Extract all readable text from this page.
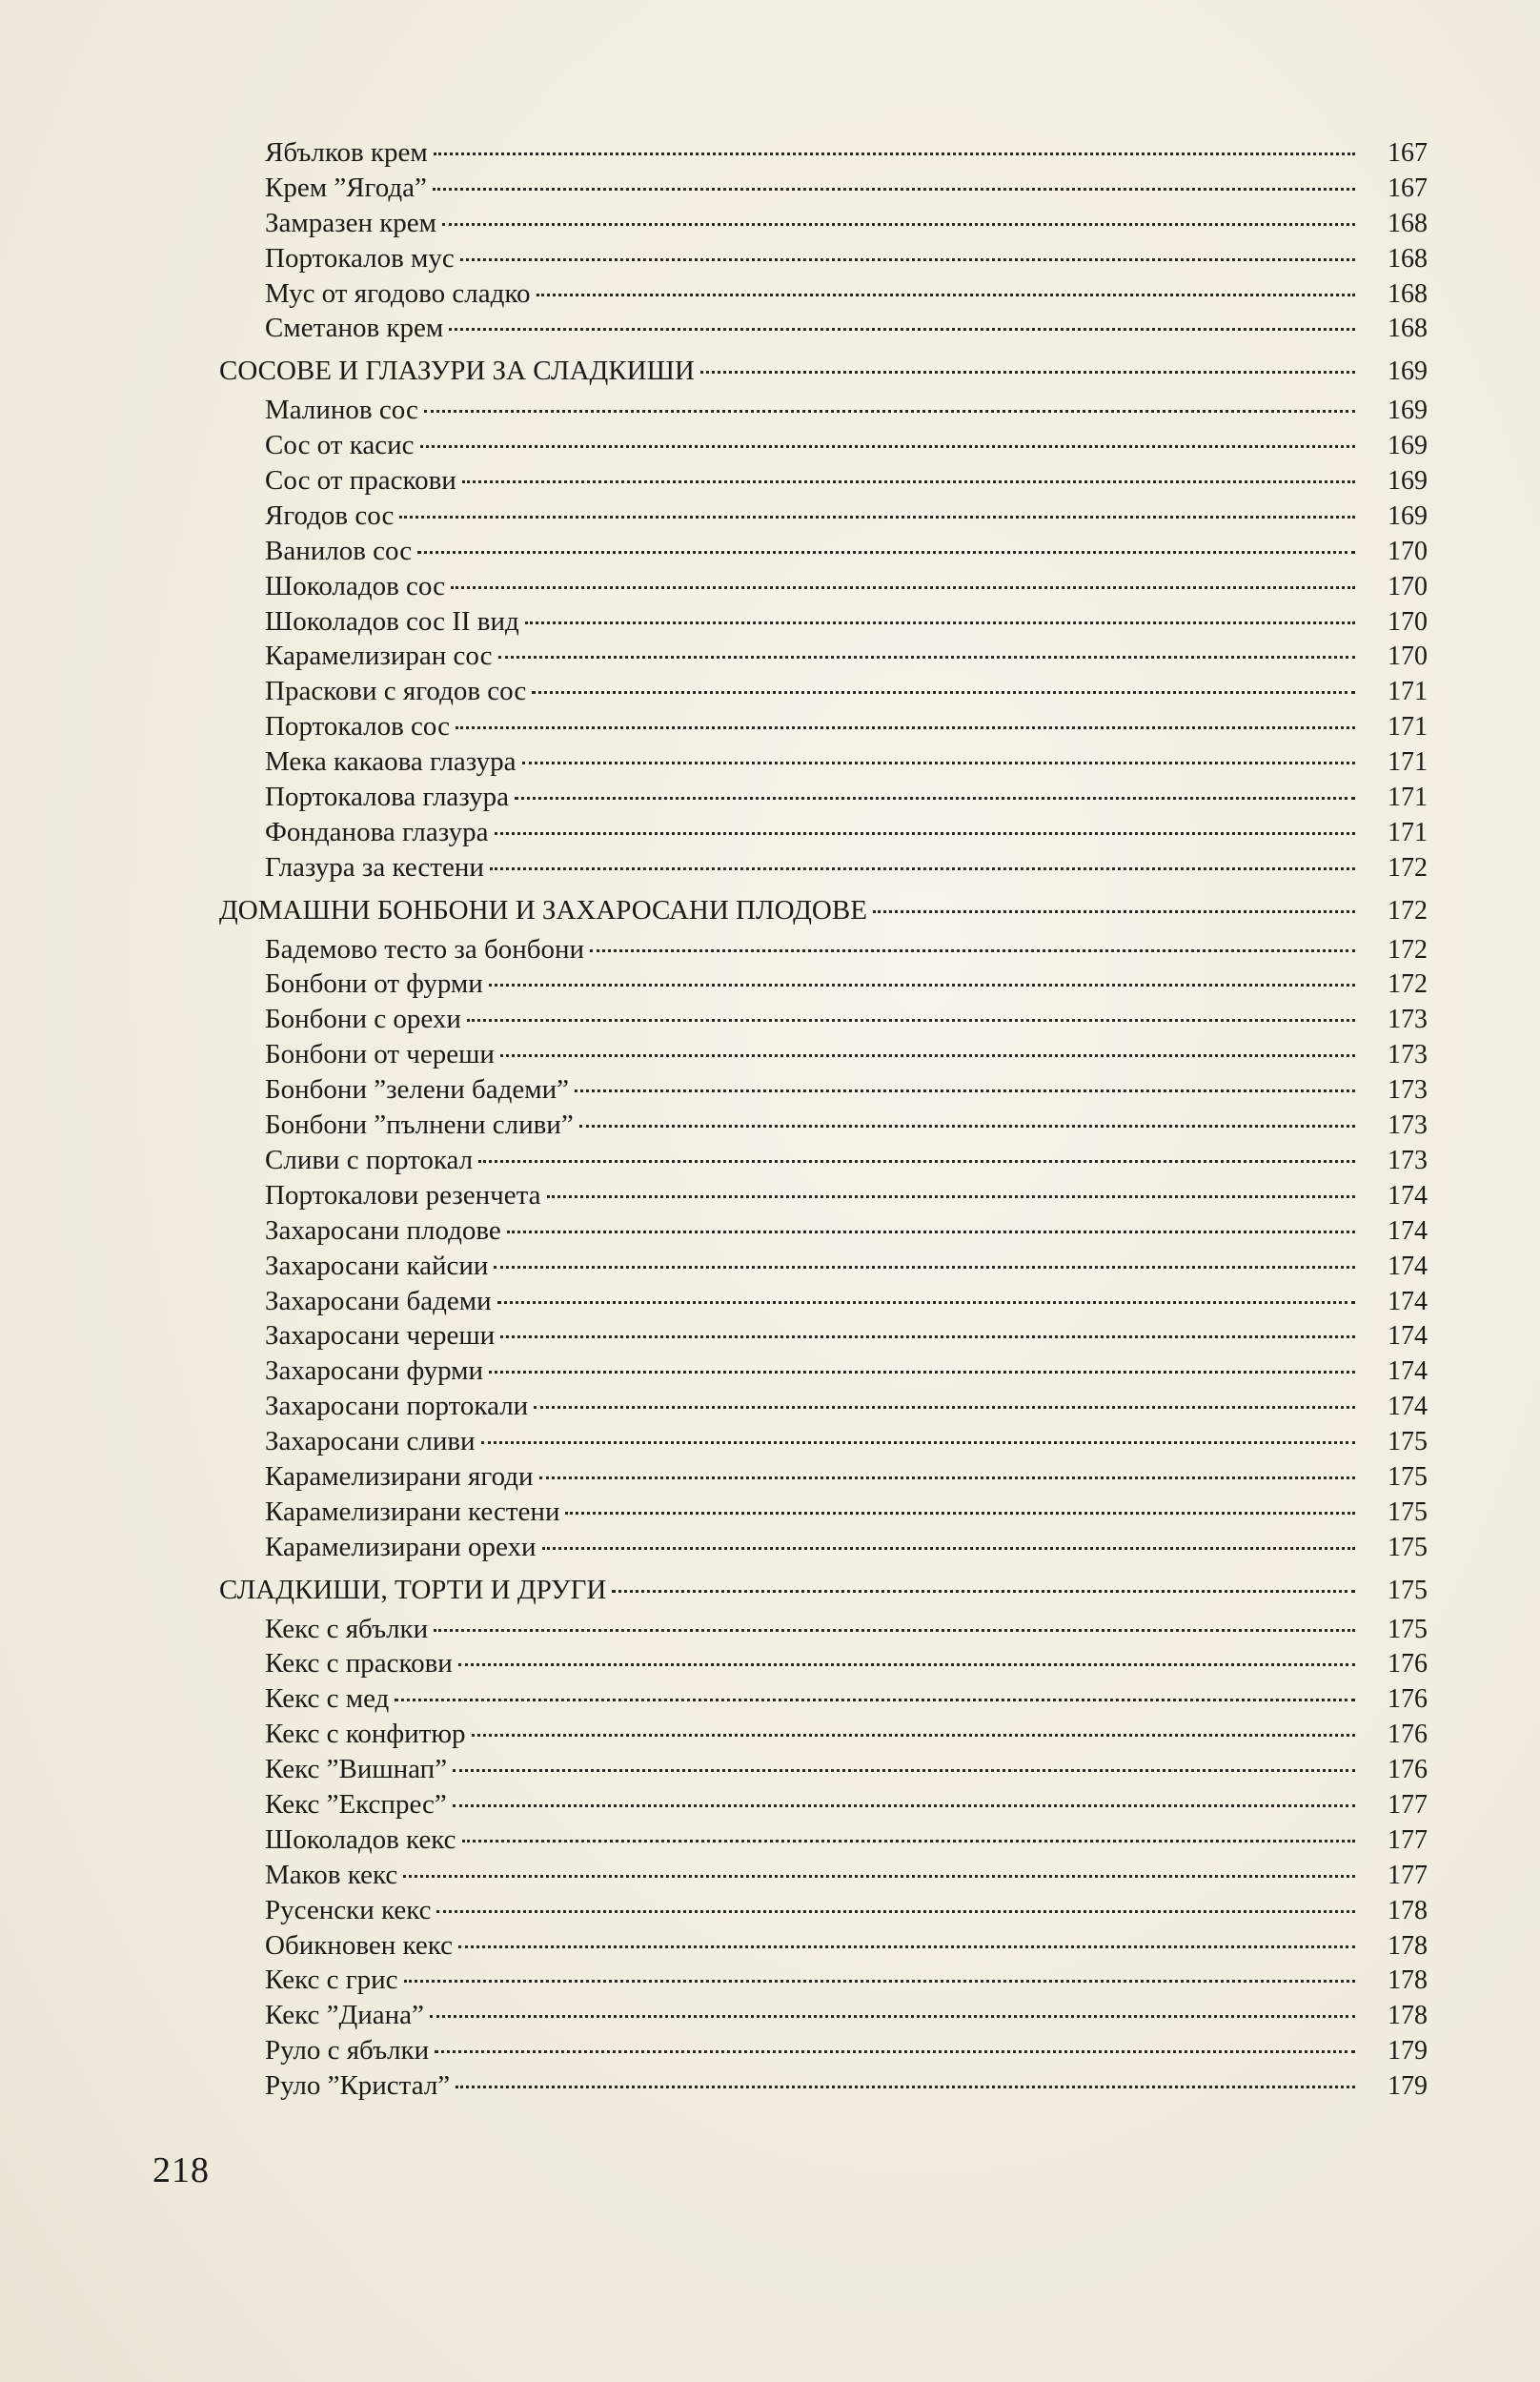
Ябълков крем	167
Крем ”Ягода”	167
Замразен крем	168
Портокалов мус	168
Мус от ягодово сладко	168
Сметанов крем	168
СОСОВЕ И ГЛАЗУРИ ЗА СЛАДКИШИ	169
Малинов сос	169
Сос от касис	169
Сос от праскови	169
Ягодов сос	169
Ванилов сос	170
Шоколадов сос	170
Шоколадов сос II вид	170
Карамелизиран сос	170
Праскови с ягодов сос	171
Портокалов сос	171
Мека какаова глазура	171
Портокалова глазура	171
Фонданова глазура	171
Глазура за кестени	172
ДОМАШНИ БОНБОНИ И ЗАХАРОСАНИ ПЛОДОВЕ	172
Бадемово тесто за бонбони	172
Бонбони от фурми	172
Бонбони с орехи	173
Бонбони от череши	173
Бонбони ”зелени бадеми”	173
Бонбони ”пълнени сливи”	173
Сливи с портокал	173
Портокалови резенчета	174
Захаросани плодове	174
Захаросани кайсии	174
Захаросани бадеми	174
Захаросани череши	174
Захаросани фурми	174
Захаросани портокали	174
Захаросани сливи	175
Карамелизирани ягоди	175
Карамелизирани кестени	175
Карамелизирани орехи	175
СЛАДКИШИ, ТОРТИ И ДРУГИ	175
Кекс с ябълки	175
Кекс с праскови	176
Кекс с мед	176
Кекс с конфитюр	176
Кекс ”Вишнап”	176
Кекс ”Експрес”	177
Шоколадов кекс	177
Маков кекс	177
Русенски кекс	178
Обикновен кекс	178
Кекс с грис	178
Кекс ”Диана”	178
Руло с ябълки	179
Руло ”Кристал”	179
218
